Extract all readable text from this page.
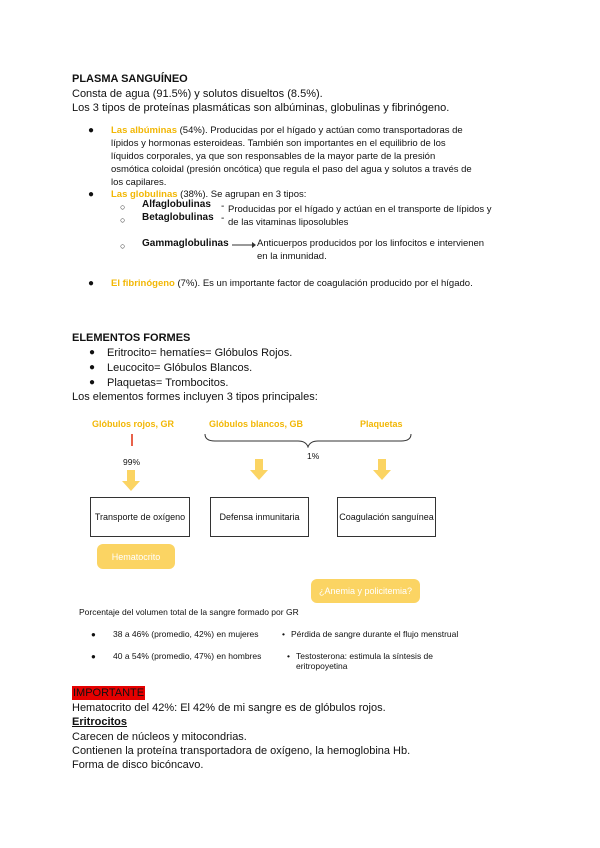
PLASMA SANGUÍNEO
Consta de agua (91.5%) y solutos disueltos (8.5%).
Los 3 tipos de proteínas plasmáticas son albúminas, globulinas y fibrinógeno.
● Las albúminas (54%). Producidas por el hígado y actúan como transportadoras de
lípidos y hormonas esteroideas. También son importantes en el equilibrio de los
líquidos corporales, ya que son responsables de la mayor parte de la presión
osmótica coloidal (presión oncótica) que regula el paso del agua y solutos a través de
los capilares.
● Las globulinas (38%). Se agrupan en 3 tipos:
○ Alfaglobulinas
○ Betaglobulinas
-
-
Producidas por el hígado y actúan en el transporte de lípidos y
de las vitaminas liposolubles
○ Gammaglobulinas	Anticuerpos producidos por los linfocitos e intervienen
en la inmunidad.
● El fibrinógeno (7%). Es un importante factor de coagulación producido por el hígado.
ELEMENTOS FORMES
● Eritrocito= hematíes= Glóbulos Rojos.
● Leucocito= Glóbulos Blancos.
● Plaquetas= Trombocitos.
Los elementos formes incluyen 3 tipos principales:
Glóbulos rojos, GR	Glóbulos blancos, GB	Plaquetas
99%
1%
Transporte de oxígeno	Defensa inmunitaria	Coagulación sanguínea
Hematocrito
¿Anemia y policitemia?
Porcentaje del volumen total de la sangre formado por GR
● 38 a 46% (promedio, 42%) en mujeres	• Pérdida de sangre durante el flujo menstrual
● 40 a 54% (promedio, 47%) en hombres	• Testosterona: estimula la síntesis de
eritropoyetina
IMPORTANTE
Hematocrito del 42%: El 42% de mi sangre es de glóbulos rojos.
Eritrocitos
Carecen de núcleos y mitocondrias.
Contienen la proteína transportadora de oxígeno, la hemoglobina Hb.
Forma de disco bicóncavo.
